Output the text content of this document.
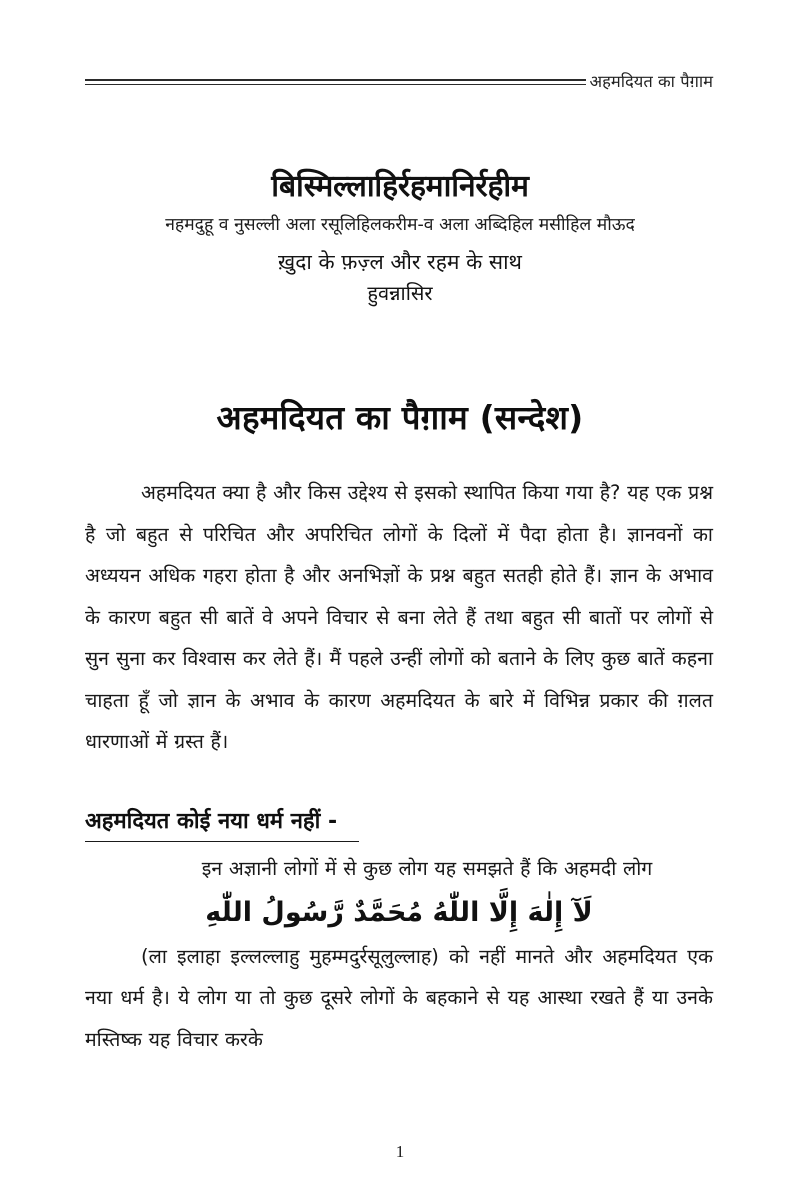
अहमदियत का पैग़ाम
बिस्मिल्लाहिर्रहमानिर्रहीम
नहमदुहू व नुसल्ली अला रसूलिहिलकरीम-व अला अब्दिहिल मसीहिल मौऊद
ख़ुदा के फ़ज़्ल और रहम के साथ
हुवन्नासिर
अहमदियत का पैग़ाम (सन्देश)

अहमदियत क्या है और किस उद्देश्य से इसको स्थापित किया गया है? यह एक प्रश्न है जो बहुत से परिचित और अपरिचित लोगों के दिलों में पैदा होता है। ज्ञानवनों का अध्ययन अधिक गहरा होता है और अनभिज्ञों के प्रश्न बहुत सतही होते हैं। ज्ञान के अभाव के कारण बहुत सी बातें वे अपने विचार से बना लेते हैं तथा बहुत सी बातों पर लोगों से सुन सुना कर विश्वास कर लेते हैं। मैं पहले उन्हीं लोगों को बताने के लिए कुछ बातें कहना चाहता हूँ जो ज्ञान के अभाव के कारण अहमदियत के बारे में विभिन्न प्रकार की ग़लत धारणाओं में ग्रस्त हैं।

अहमदियत कोई नया धर्म नहीं -

इन अज्ञानी लोगों में से कुछ लोग यह समझते हैं कि अहमदी लोग

لَآ إِلٰهَ إِلَّا اللّٰهُ مُحَمَّدٌ رَّسُولُ اللّٰهِ

(ला इलाहा इल्लल्लाहु मुहम्मदुर्रसूलुल्लाह) को नहीं मानते और अहमदियत एक नया धर्म है। ये लोग या तो कुछ दूसरे लोगों के बहकाने से यह आस्था रखते हैं या उनके मस्तिष्क यह विचार करके

1
